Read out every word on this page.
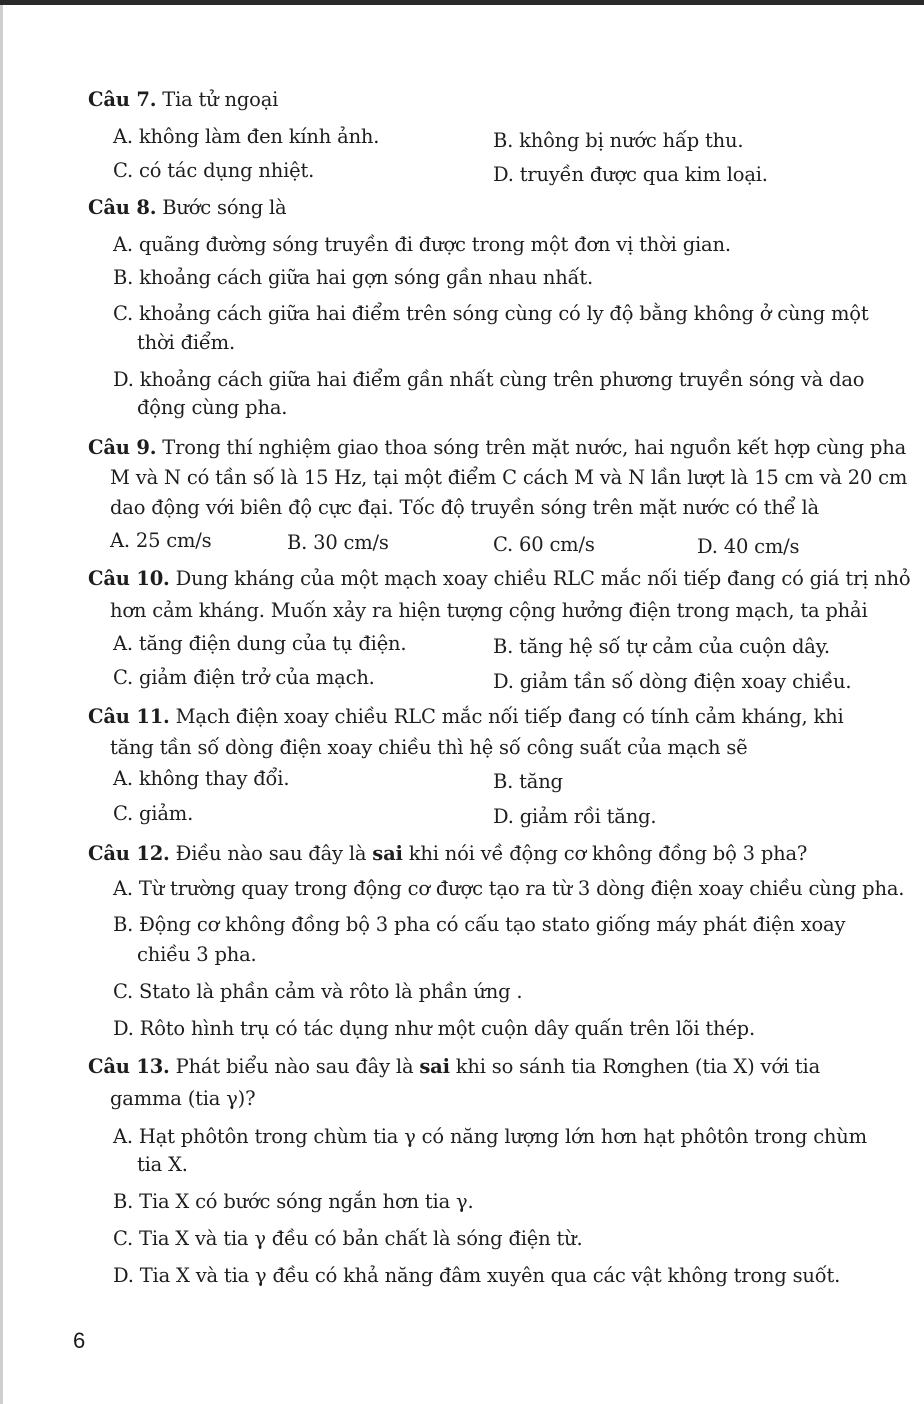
Câu 7. Tia tử ngoại
A. không làm đen kính ảnh.	B. không bị nước hấp thu.
C. có tác dụng nhiệt.	D. truyền được qua kim loại.
Câu 8. Bước sóng là
A. quãng đường sóng truyền đi được trong một đơn vị thời gian.
B. khoảng cách giữa hai gợn sóng gần nhau nhất.
C. khoảng cách giữa hai điểm trên sóng cùng có ly độ bằng không ở cùng một
thời điểm.
D. khoảng cách giữa hai điểm gần nhất cùng trên phương truyền sóng và dao
động cùng pha.
Câu 9. Trong thí nghiệm giao thoa sóng trên mặt nước, hai nguồn kết hợp cùng pha
M và N có tần số là 15 Hz, tại một điểm C cách M và N lần lượt là 15 cm và 20 cm
dao động với biên độ cực đại. Tốc độ truyền sóng trên mặt nước có thể là
A. 25 cm/s	B. 30 cm/s	C. 60 cm/s	D. 40 cm/s
Câu 10. Dung kháng của một mạch xoay chiều RLC mắc nối tiếp đang có giá trị nhỏ
hơn cảm kháng. Muốn xảy ra hiện tượng cộng hưởng điện trong mạch, ta phải
A. tăng điện dung của tụ điện.	B. tăng hệ số tự cảm của cuộn dây.
C. giảm điện trở của mạch.	D. giảm tần số dòng điện xoay chiều.
Câu 11. Mạch điện xoay chiều RLC mắc nối tiếp đang có tính cảm kháng, khi
tăng tần số dòng điện xoay chiều thì hệ số công suất của mạch sẽ
A. không thay đổi.	B. tăng
C. giảm.	D. giảm rồi tăng.
Câu 12. Điều nào sau đây là sai khi nói về động cơ không đồng bộ 3 pha?
A. Từ trường quay trong động cơ được tạo ra từ 3 dòng điện xoay chiều cùng pha.
B. Động cơ không đồng bộ 3 pha có cấu tạo stato giống máy phát điện xoay
chiều 3 pha.
C. Stato là phần cảm và rôto là phần ứng .
D. Rôto hình trụ có tác dụng như một cuộn dây quấn trên lõi thép.
Câu 13. Phát biểu nào sau đây là sai khi so sánh tia Rơnghen (tia X) với tia
gamma (tia γ)?
A. Hạt phôtôn trong chùm tia γ có năng lượng lớn hơn hạt phôtôn trong chùm
tia X.
B. Tia X có bước sóng ngắn hơn tia γ.
C. Tia X và tia γ đều có bản chất là sóng điện từ.
D. Tia X và tia γ đều có khả năng đâm xuyên qua các vật không trong suốt.
6
